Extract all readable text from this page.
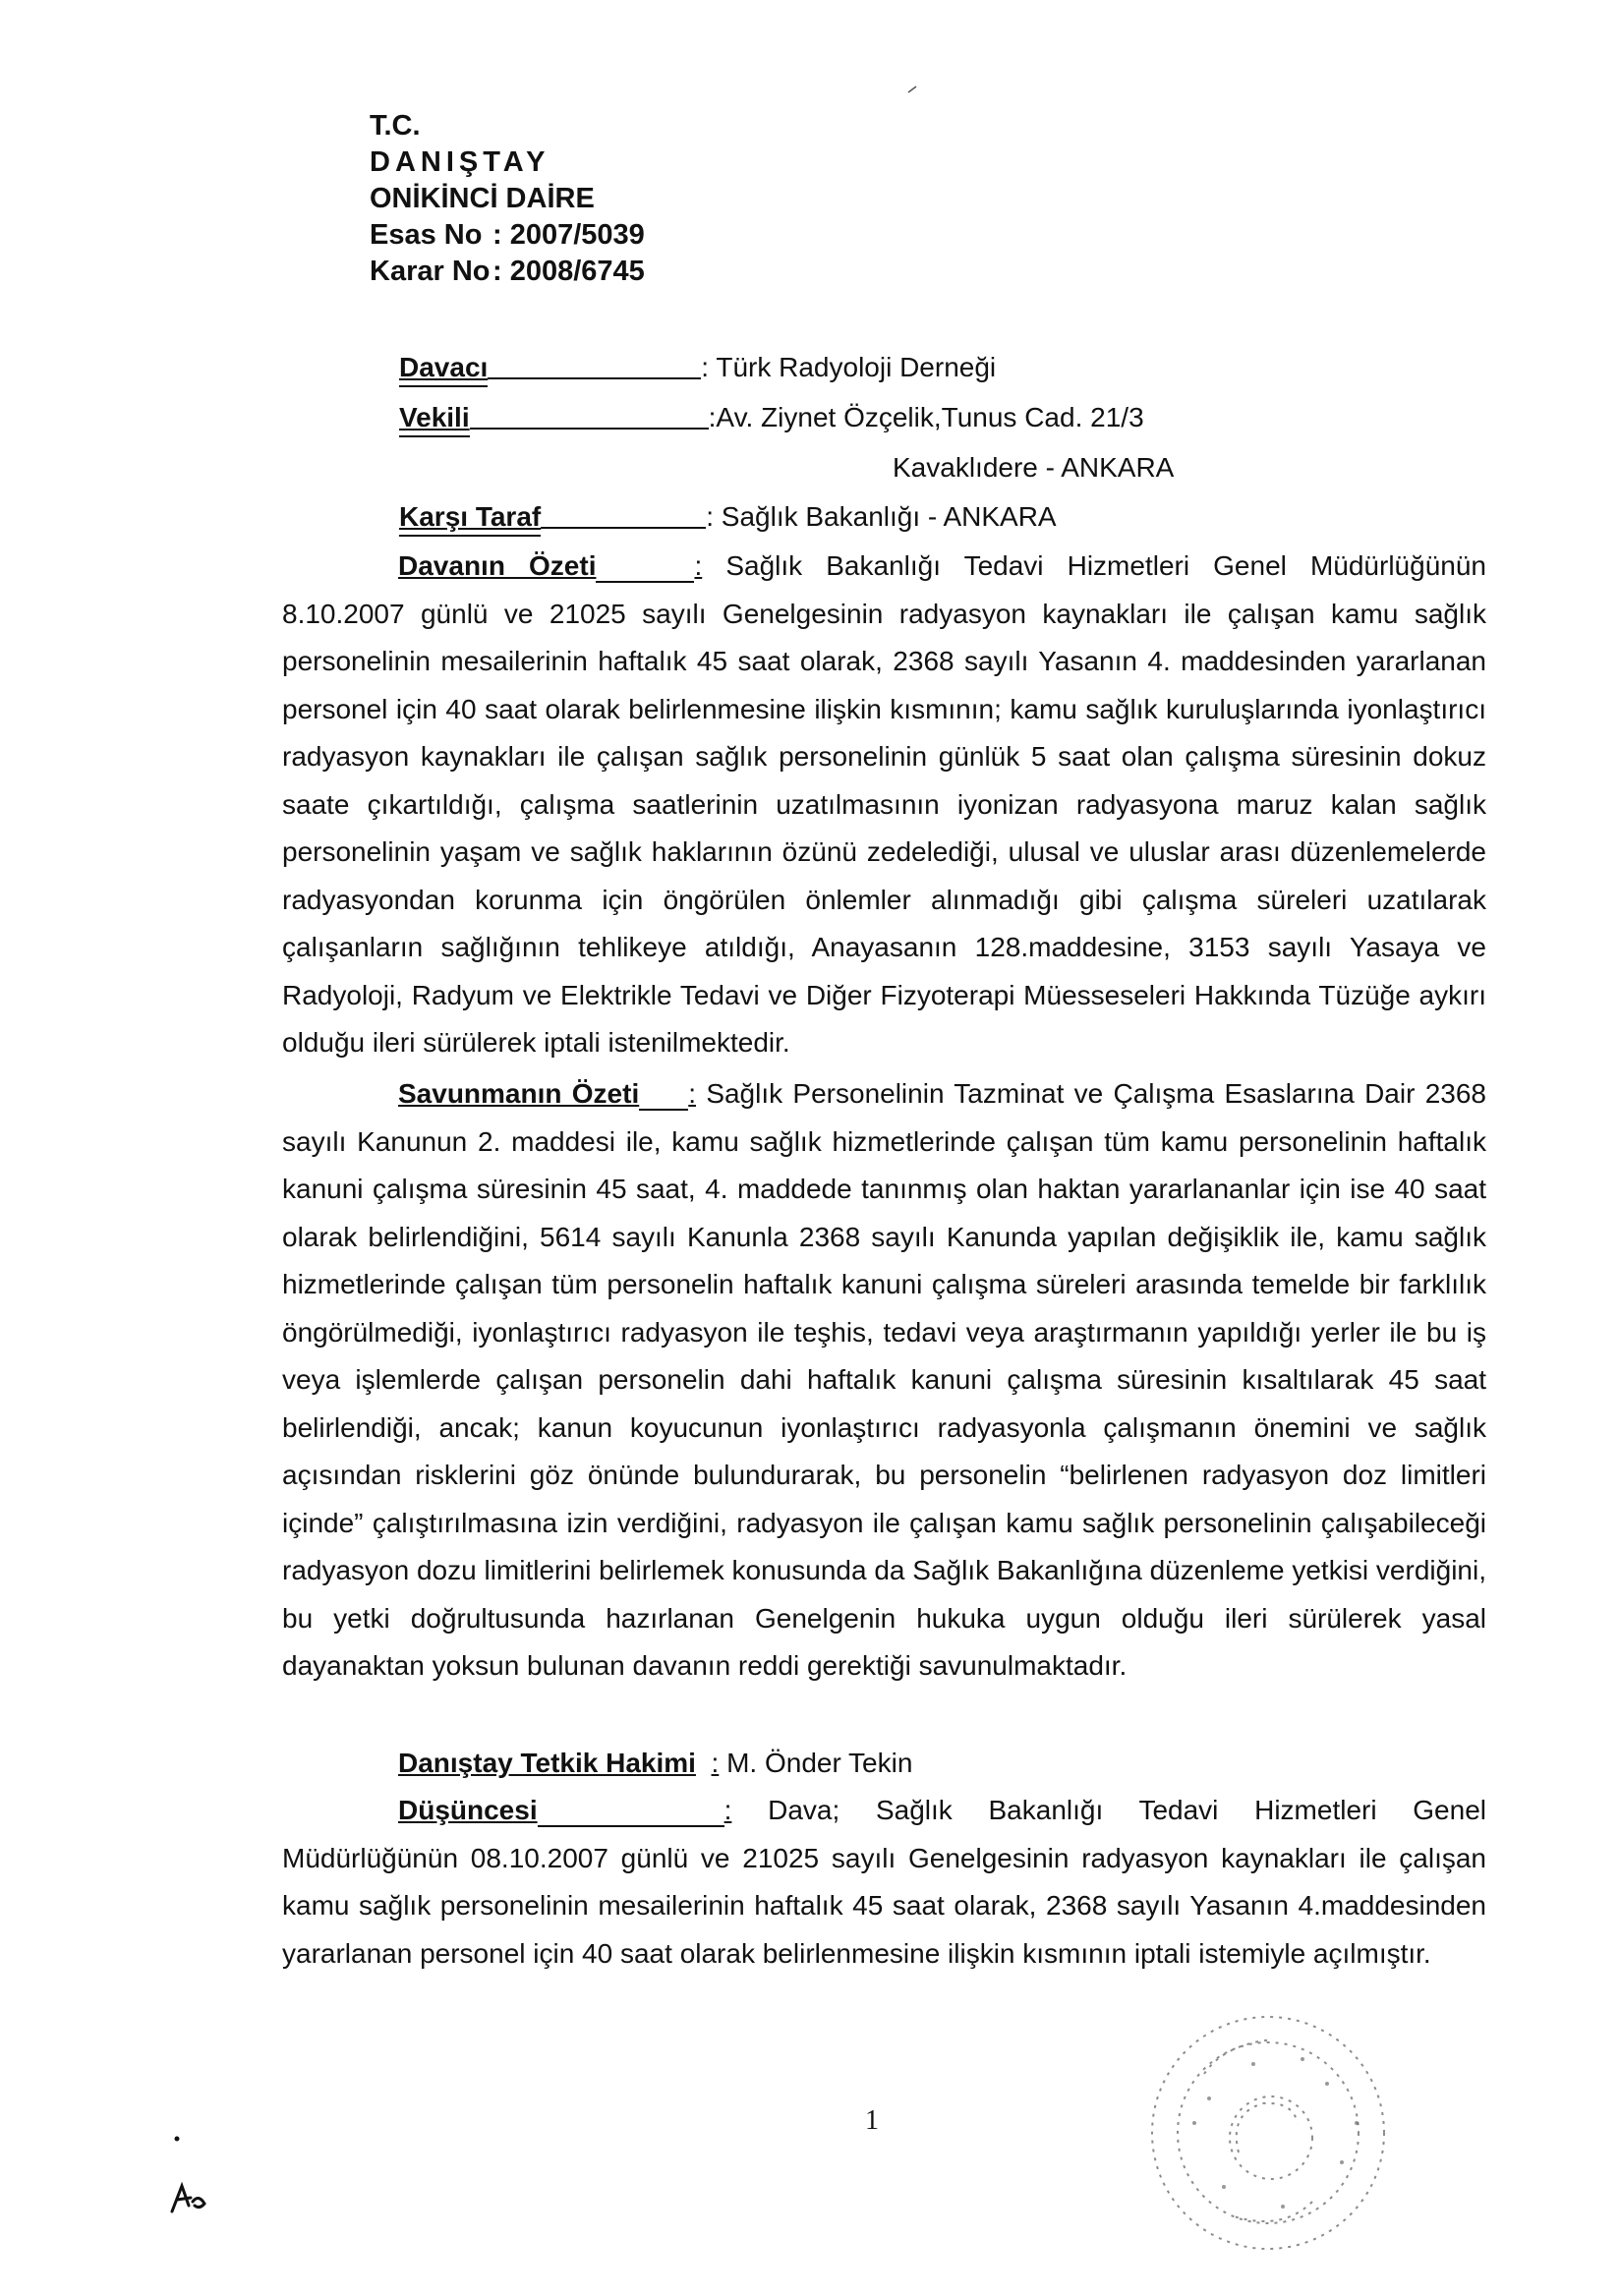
T.C.
DANIŞTAY
ONİKİNCİ DAİRE
Esas No : 2007/5039
Karar No: 2008/6745
Davacı	: Türk Radyoloji Derneği
Vekili	:Av. Ziynet Özçelik,Tunus Cad. 21/3
Kavaklıdere - ANKARA
Karşı Taraf	: Sağlık Bakanlığı - ANKARA
Davanın Özeti	: Sağlık Bakanlığı Tedavi Hizmetleri Genel Müdürlüğünün 8.10.2007 günlü ve 21025 sayılı Genelgesinin radyasyon kaynakları ile çalışan kamu sağlık personelinin mesailerinin haftalık 45 saat olarak, 2368 sayılı Yasanın 4. maddesinden yararlanan personel için 40 saat olarak belirlenmesine ilişkin kısmının; kamu sağlık kuruluşlarında iyonlaştırıcı radyasyon kaynakları ile çalışan sağlık personelinin günlük 5 saat olan çalışma süresinin dokuz saate çıkartıldığı, çalışma saatlerinin uzatılmasının iyonizan radyasyona maruz kalan sağlık personelinin yaşam ve sağlık haklarının özünü zedelediği, ulusal ve uluslar arası düzenlemelerde radyasyondan korunma için öngörülen önlemler alınmadığı gibi çalışma süreleri uzatılarak çalışanların sağlığının tehlikeye atıldığı, Anayasanın 128.maddesine, 3153 sayılı Yasaya ve Radyoloji, Radyum ve Elektrikle Tedavi ve Diğer Fizyoterapi Müesseseleri Hakkında Tüzüğe aykırı olduğu ileri sürülerek iptali istenilmektedir.
Savunmanın Özeti : Sağlık Personelinin Tazminat ve Çalışma Esaslarına Dair 2368 sayılı Kanunun 2. maddesi ile, kamu sağlık hizmetlerinde çalışan tüm kamu personelinin haftalık kanuni çalışma süresinin 45 saat, 4. maddede tanınmış olan haktan yararlananlar için ise 40 saat olarak belirlendiğini, 5614 sayılı Kanunla 2368 sayılı Kanunda yapılan değişiklik ile, kamu sağlık hizmetlerinde çalışan tüm personelin haftalık kanuni çalışma süreleri arasında temelde bir farklılık öngörülmediği, iyonlaştırıcı radyasyon ile teşhis, tedavi veya araştırmanın yapıldığı yerler ile bu iş veya işlemlerde çalışan personelin dahi haftalık kanuni çalışma süresinin kısaltılarak 45 saat belirlendiği, ancak; kanun koyucunun iyonlaştırıcı radyasyonla çalışmanın önemini ve sağlık açısından risklerini göz önünde bulundurarak, bu personelin “belirlenen radyasyon doz limitleri içinde” çalıştırılmasına izin verdiğini, radyasyon ile çalışan kamu sağlık personelinin çalışabileceği radyasyon dozu limitlerini belirlemek konusunda da Sağlık Bakanlığına düzenleme yetkisi verdiğini, bu yetki doğrultusunda hazırlanan Genelgenin hukuka uygun olduğu ileri sürülerek yasal dayanaktan yoksun bulunan davanın reddi gerektiği savunulmaktadır.
Danıştay Tetkik Hakimi : M. Önder Tekin
Düşüncesi	: Dava; Sağlık Bakanlığı Tedavi Hizmetleri Genel Müdürlüğünün 08.10.2007 günlü ve 21025 sayılı Genelgesinin radyasyon kaynakları ile çalışan kamu sağlık personelinin mesailerinin haftalık 45 saat olarak, 2368 sayılı Yasanın 4.maddesinden yararlanan personel için 40 saat olarak belirlenmesine ilişkin kısmının iptali istemiyle açılmıştır.
1
